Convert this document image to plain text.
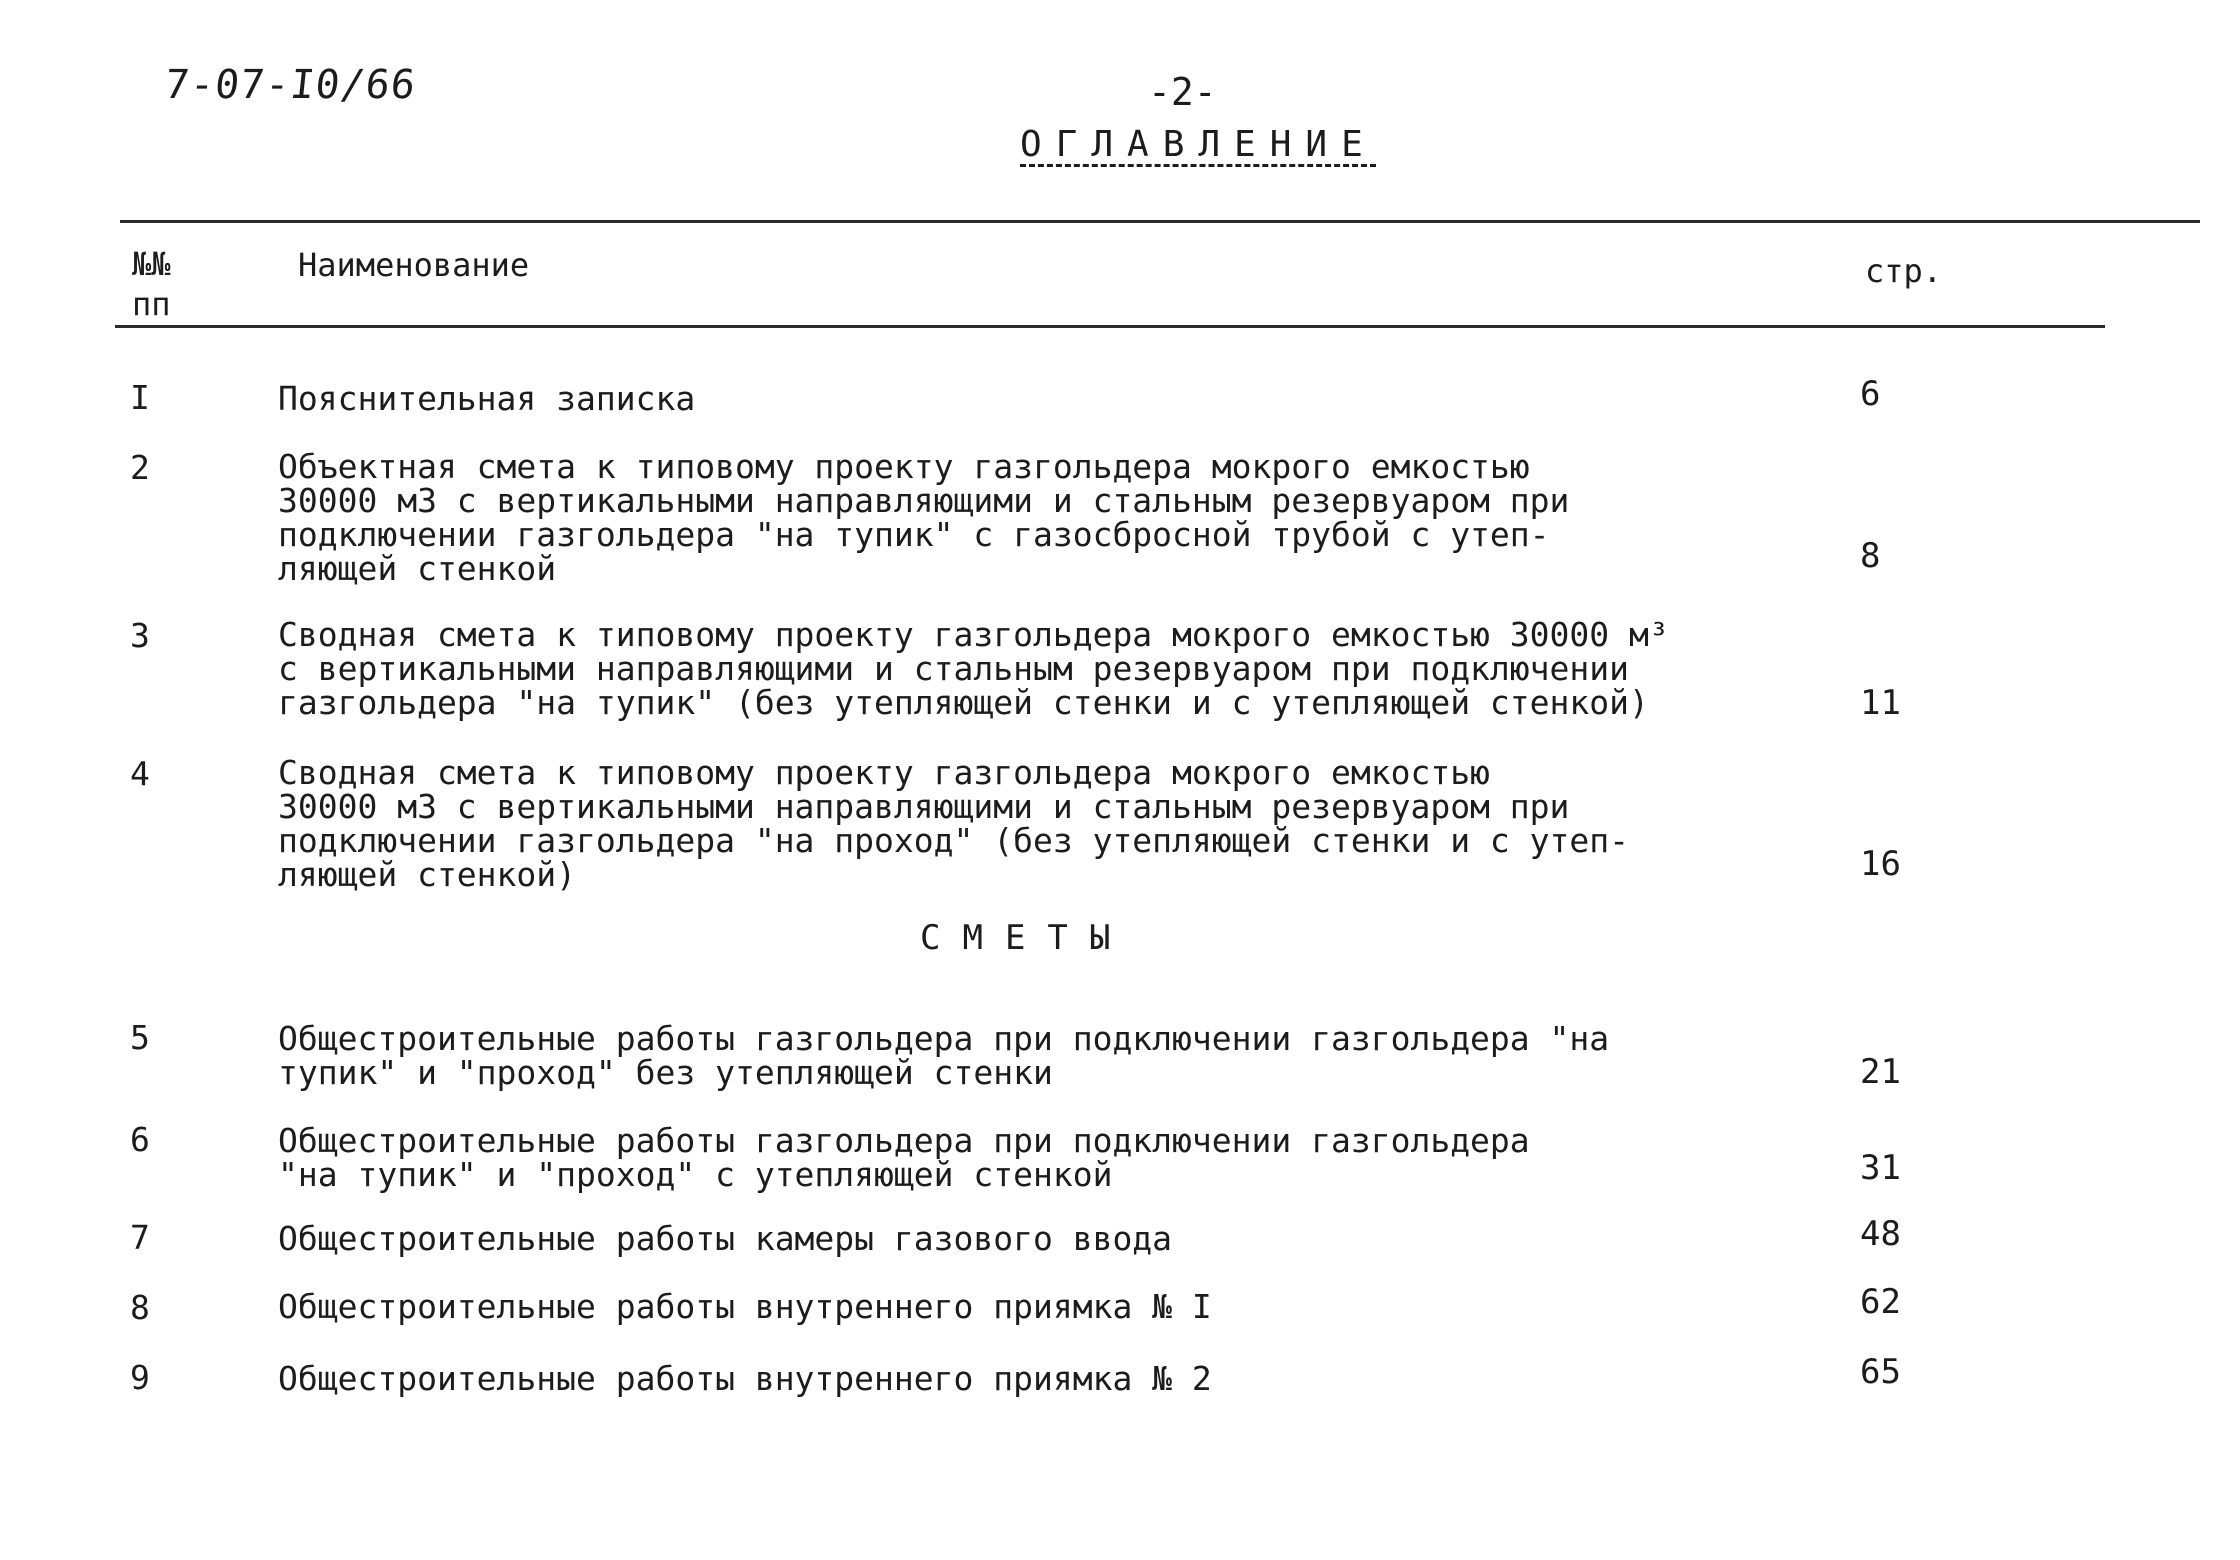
7-07-I0/66	-2-
ОГЛАВЛЕНИЕ
№№ пп
Наименование	стр.
I	Пояснительная записка	6
2	Объектная смета к типовому проекту газгольдера мокрого емкостью
30000 м3 с вертикальными направляющими и стальным резервуаром при
подключении газгольдера "на тупик" с газосбросной трубой с утеп-
ляющей стенкой	8
3	Сводная смета к типовому проекту газгольдера мокрого емкостью 30000 м³
с вертикальными направляющими и стальным резервуаром при подключении
газгольдера "на тупик" (без утепляющей стенки и с утепляющей стенкой)	11
4	Сводная смета к типовому проекту газгольдера мокрого емкостью
30000 м3 с вертикальными направляющими и стальным резервуаром при
подключении газгольдера "на проход" (без утепляющей стенки и с утеп-
ляющей стенкой)	16
СМЕТЫ
5	Общестроительные работы газгольдера при подключении газгольдера "на
тупик" и "проход" без утепляющей стенки	21
6	Общестроительные работы газгольдера при подключении газгольдера
"на тупик" и "проход" с утепляющей стенкой	31
7	Общестроительные работы камеры газового ввода	48
8	Общестроительные работы внутреннего приямка № I	62
9	Общестроительные работы внутреннего приямка № 2	65
